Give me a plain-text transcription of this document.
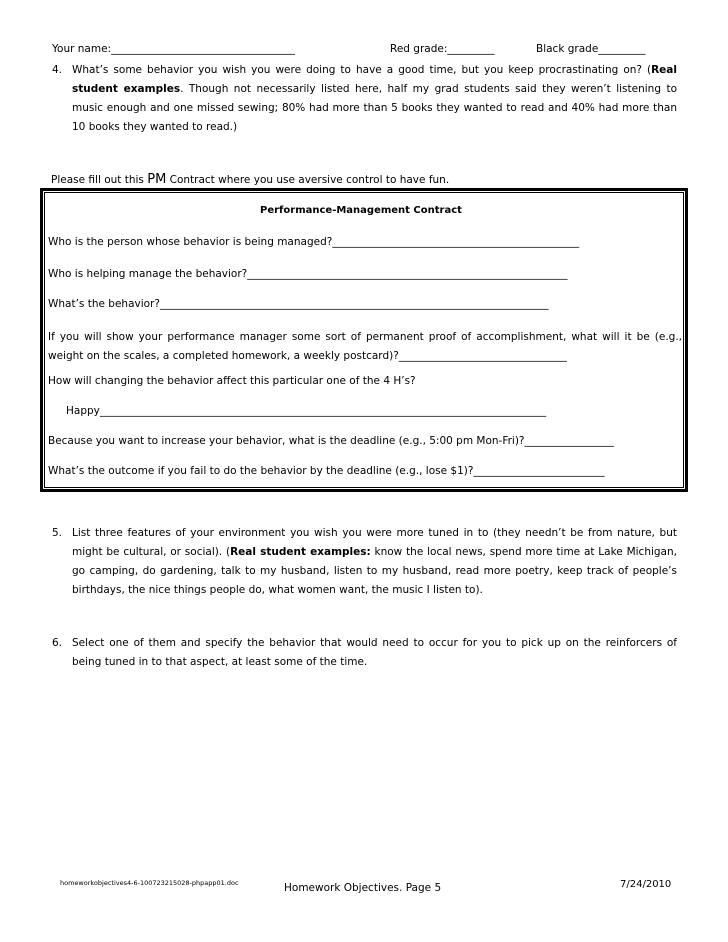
Your name:___________________________________	Red grade:_________	Black grade_________
4. What’s some behavior you wish you were doing to have a good time, but you keep procrastinating on? (Real student examples. Though not necessarily listed here, half my grad students said they weren’t listening to music enough and one missed sewing; 80% had more than 5 books they wanted to read and 40% had more than 10 books they wanted to read.)
Please fill out this PM Contract where you use aversive control to have fun.
Performance-Management Contract
Who is the person whose behavior is being managed?_______________________________________________
Who is helping manage the behavior?_____________________________________________________________
What’s the behavior?__________________________________________________________________________
If you will show your performance manager some sort of permanent proof of accomplishment, what will it be (e.g., weight on the scales, a completed homework, a weekly postcard)?________________________________
How will changing the behavior affect this particular one of the 4 H’s?
Happy_____________________________________________________________________________________
Because you want to increase your behavior, what is the deadline (e.g., 5:00 pm Mon-Fri)?_________________
What’s the outcome if you fail to do the behavior by the deadline (e.g., lose $1)?_________________________
5. List three features of your environment you wish you were more tuned in to (they needn’t be from nature, but might be cultural, or social). (Real student examples: know the local news, spend more time at Lake Michigan, go camping, do gardening, talk to my husband, listen to my husband, read more poetry, keep track of people’s birthdays, the nice things people do, what women want, the music I listen to).
6. Select one of them and specify the behavior that would need to occur for you to pick up on the reinforcers of being tuned in to that aspect, at least some of the time.
homeworkobjectives4-6-100723215028-phpapp01.doc	Homework Objectives. Page 5	7/24/2010
